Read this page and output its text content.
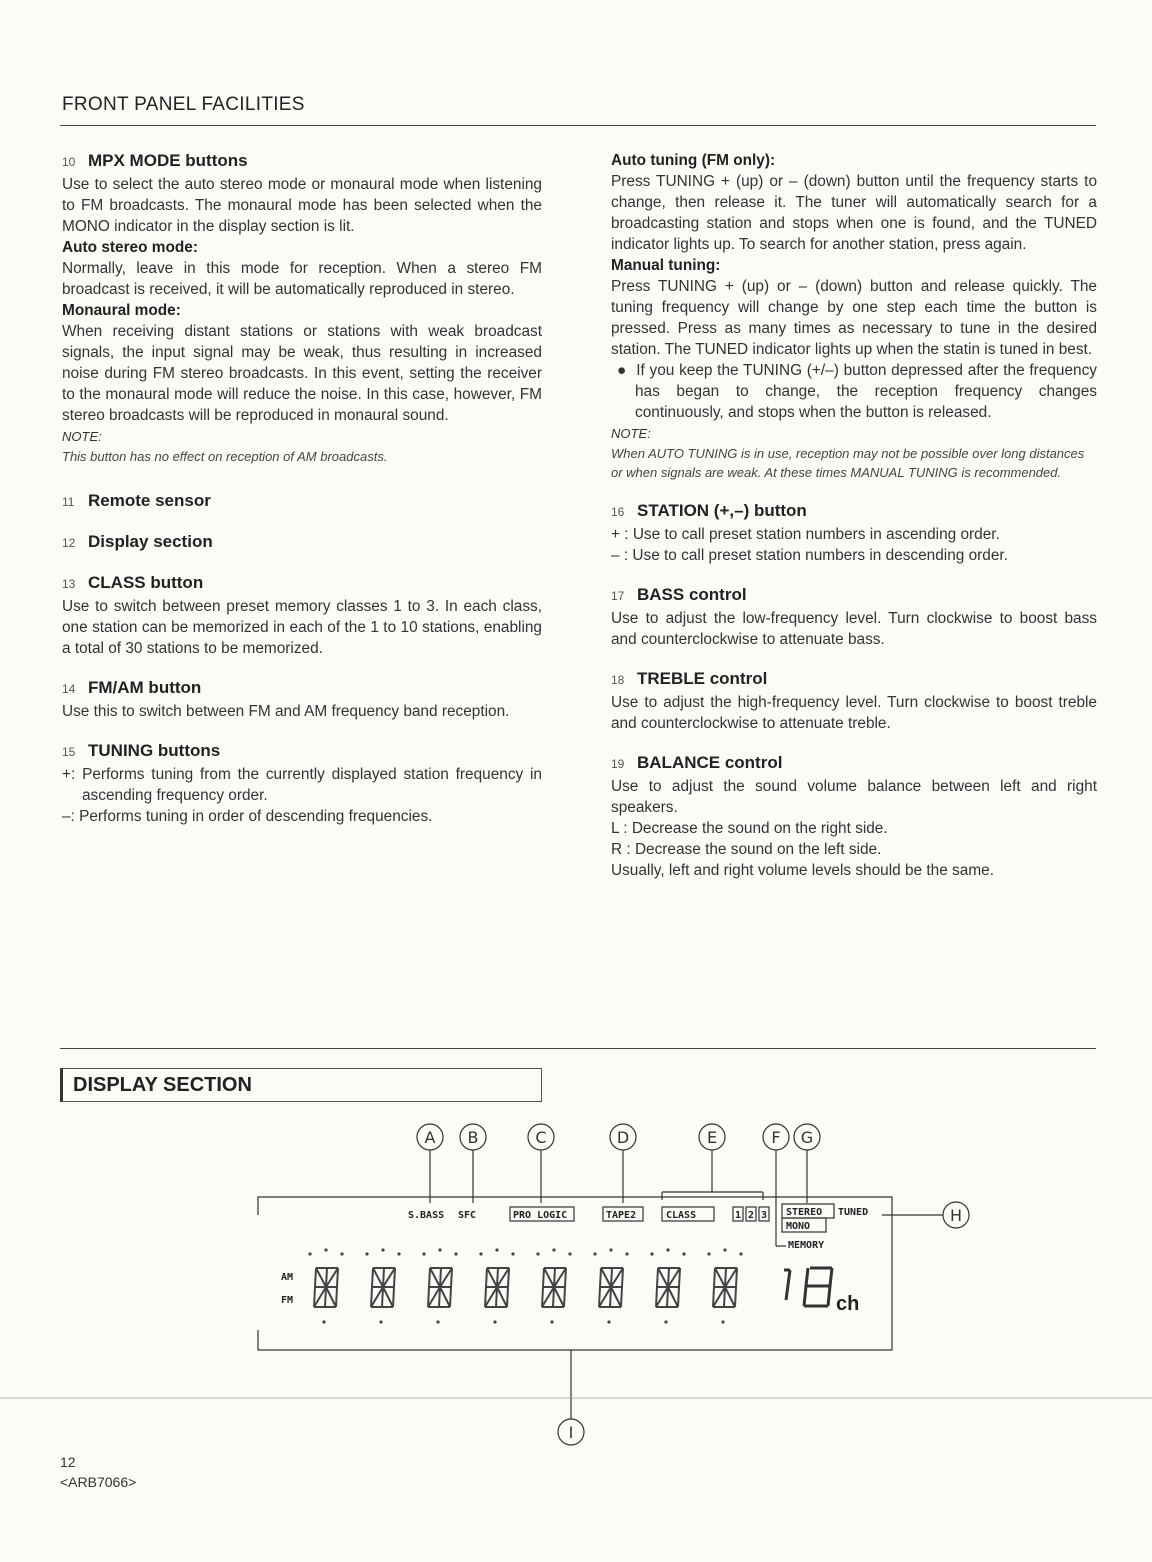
FRONT PANEL FACILITIES
10 MPX MODE buttons

Use to select the auto stereo mode or monaural mode when listening to FM broadcasts. The monaural mode has been selected when the MONO indicator in the display section is lit.

Auto stereo mode:

Normally, leave in this mode for reception. When a stereo FM broadcast is received, it will be automatically reproduced in stereo.

Monaural mode:

When receiving distant stations or stations with weak broadcast signals, the input signal may be weak, thus resulting in increased noise during FM stereo broadcasts. In this event, setting the receiver to the monaural mode will reduce the noise. In this case, however, FM stereo broadcasts will be reproduced in monaural sound.

NOTE:
This button has no effect on reception of AM broadcasts.
11 Remote sensor
12 Display section
13 CLASS button

Use to switch between preset memory classes 1 to 3. In each class, one station can be memorized in each of the 1 to 10 stations, enabling a total of 30 stations to be memorized.

14 FM/AM button

Use this to switch between FM and AM frequency band reception.

15 TUNING buttons

+: Performs tuning from the currently displayed station frequency in ascending frequency order.

–: Performs tuning in order of descending frequencies.

Auto tuning (FM only):

Press TUNING + (up) or – (down) button until the frequency starts to change, then release it. The tuner will automatically search for a broadcasting station and stops when one is found, and the TUNED indicator lights up. To search for another station, press again.

Manual tuning:

Press TUNING + (up) or – (down) button and release quickly. The tuning frequency will change by one step each time the button is pressed. Press as many times as necessary to tune in the desired station. The TUNED indicator lights up when the statin is tuned in best.

●  If you keep the TUNING (+/–) button depressed after the frequency has began to change, the reception frequency changes continuously, and stops when the button is released.

NOTE:
When AUTO TUNING is in use, reception may not be possible over long distances or when signals are weak. At these times MANUAL TUNING is recommended.
16 STATION (+,–) button

+ : Use to call preset station numbers in ascending order.

– : Use to call preset station numbers in descending order.

17 BASS control

Use to adjust the low-frequency level. Turn clockwise to boost bass and counterclockwise to attenuate bass.

18 TREBLE control

Use to adjust the high-frequency level. Turn clockwise to boost treble and counterclockwise to attenuate treble.

19 BALANCE control

Use to adjust the sound volume balance between left and right speakers.

L : Decrease the sound on the right side.

R : Decrease the sound on the left side.

Usually, left and right volume levels should be the same.

DISPLAY SECTION
A B	C	D	E	F G
H
I
S.BASS SFC	PRO LOGIC	TAPE2	CLASS	1 2 3 STEREO TUNED
MONO
MEMORY
AM
FM	ch
12
<ARB7066>
